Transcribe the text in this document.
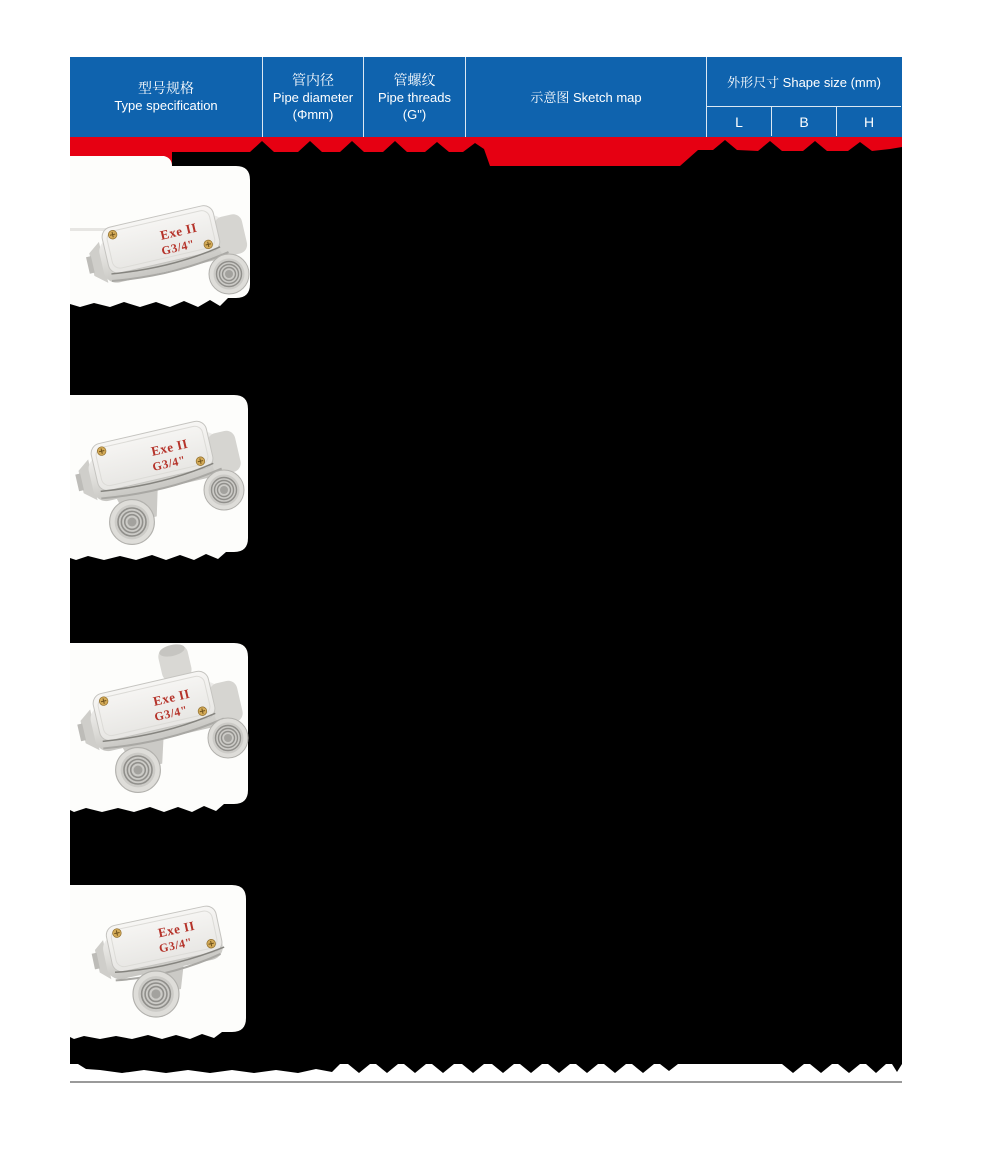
型号规格
Type specification
管内径
Pipe diameter
(Φmm)
管螺纹
Pipe threads
(G")
示意图 Sketch map
外形尺寸 Shape size (mm)
L	B	H
Exe II
G3/4"
Exe II
G3/4"
Exe II
G3/4"
Exe II
G3/4"
